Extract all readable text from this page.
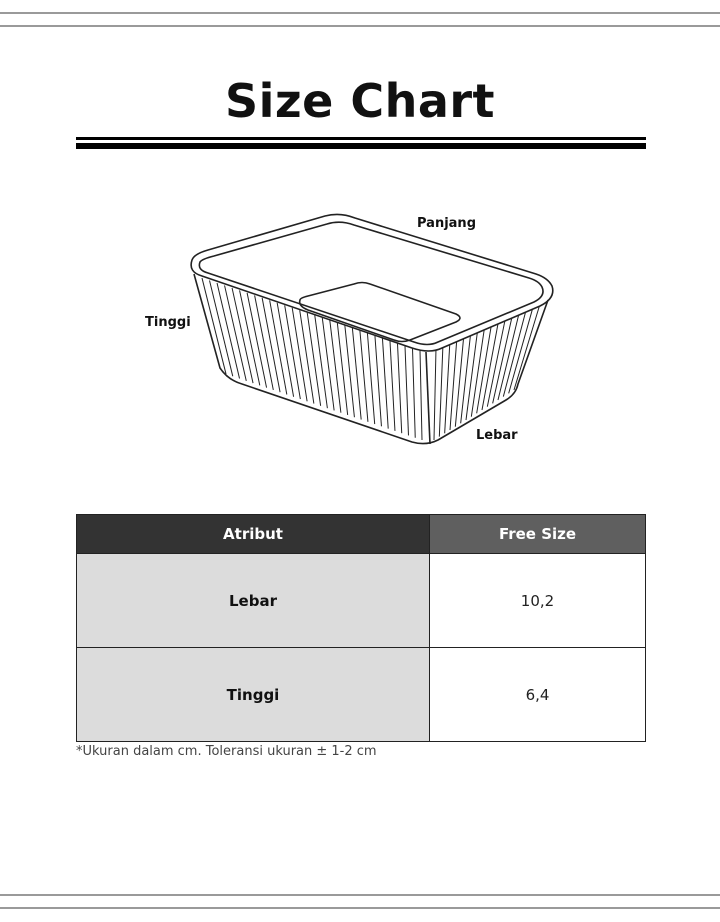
Size Chart
Panjang
Tinggi
Lebar
Atribut	Free Size
Lebar	10,2
Tinggi	6,4
*Ukuran dalam cm. Toleransi ukuran ± 1-2 cm
